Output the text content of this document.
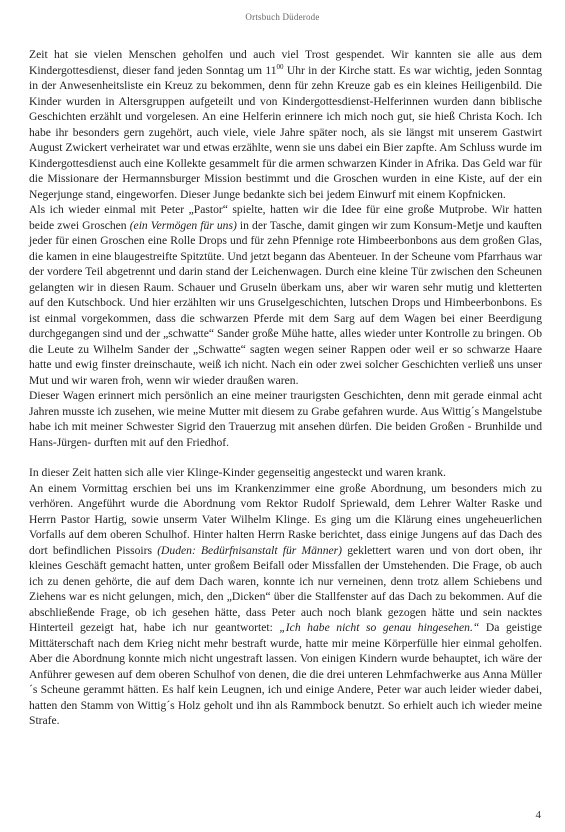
Ortsbuch Düderode

Zeit hat sie vielen Menschen geholfen und auch viel Trost gespendet. Wir kannten sie alle aus dem Kindergottesdienst, dieser fand jeden Sonntag um $11^{00}$ Uhr in der Kirche statt. Es war wichtig, jeden Sonntag in der Anwesenheitsliste ein Kreuz zu bekommen, denn für zehn Kreuze gab es ein kleines Heiligenbild. Die Kinder wurden in Altersgruppen aufgeteilt und von Kindergottesdienst-Helferinnen wurden dann biblische Geschichten erzählt und vorgelesen. An eine Helferin erinnere ich mich noch gut, sie hieß Christa Koch. Ich habe ihr besonders gern zugehört, auch viele, viele Jahre später noch, als sie längst mit unserem Gastwirt August Zwickert verheiratet war und etwas erzählte, wenn sie uns dabei ein Bier zapfte. Am Schluss wurde im Kindergottesdienst auch eine Kollekte gesammelt für die armen schwarzen Kinder in Afrika. Das Geld war für die Missionare der Hermannsburger Mission bestimmt und die Groschen wurden in eine Kiste, auf der ein Negerjunge stand, eingeworfen. Dieser Junge bedankte sich bei jedem Einwurf mit einem Kopfnicken.

Als ich wieder einmal mit Peter „Pastor“ spielte, hatten wir die Idee für eine große Mutprobe. Wir hatten beide zwei Groschen (ein Vermögen für uns) in der Tasche, damit gingen wir zum Konsum-Metje und kauften jeder für einen Groschen eine Rolle Drops und für zehn Pfennige rote Himbeerbonbons aus dem großen Glas, die kamen in eine blaugestreifte Spitztüte. Und jetzt begann das Abenteuer. In der Scheune vom Pfarrhaus war der vordere Teil abgetrennt und darin stand der Leichenwagen. Durch eine kleine Tür zwischen den Scheunen gelangten wir in diesen Raum. Schauer und Gruseln überkam uns, aber wir waren sehr mutig und kletterten auf den Kutschbock. Und hier erzählten wir uns Gruselgeschichten, lutschen Drops und Himbeerbonbons. Es ist einmal vorgekommen, dass die schwarzen Pferde mit dem Sarg auf dem Wagen bei einer Beerdigung durchgegangen sind und der „schwatte“ Sander große Mühe hatte, alles wieder unter Kontrolle zu bringen. Ob die Leute zu Wilhelm Sander der „Schwatte“ sagten wegen seiner Rappen oder weil er so schwarze Haare hatte und ewig finster dreinschaute, weiß ich nicht. Nach ein oder zwei solcher Geschichten verließ uns unser Mut und wir waren froh, wenn wir wieder draußen waren.

Dieser Wagen erinnert mich persönlich an eine meiner traurigsten Geschichten, denn mit gerade einmal acht Jahren musste ich zusehen, wie meine Mutter mit diesem zu Grabe gefahren wurde. Aus Wittig´s Mangelstube habe ich mit meiner Schwester Sigrid den Trauerzug mit ansehen dürfen. Die beiden Großen - Brunhilde und Hans-Jürgen- durften mit auf den Friedhof.

In dieser Zeit hatten sich alle vier Klinge-Kinder gegenseitig angesteckt und waren krank.

An einem Vormittag erschien bei uns im Krankenzimmer eine große Abordnung, um besonders mich zu verhören. Angeführt wurde die Abordnung vom Rektor Rudolf Spriewald, dem Lehrer Walter Raske und Herrn Pastor Hartig, sowie unserm Vater Wilhelm Klinge. Es ging um die Klärung eines ungeheuerlichen Vorfalls auf dem oberen Schulhof. Hinter halten Herrn Raske berichtet, dass einige Jungens auf das Dach des dort befindlichen Pissoirs (Duden: Bedürfnisanstalt für Männer) geklettert waren und von dort oben, ihr kleines Geschäft gemacht hatten, unter großem Beifall oder Missfallen der Umstehenden. Die Frage, ob auch ich zu denen gehörte, die auf dem Dach waren, konnte ich nur verneinen, denn trotz allem Schiebens und Ziehens war es nicht gelungen, mich, den „Dicken“ über die Stallfenster auf das Dach zu bekommen. Auf die abschließende Frage, ob ich gesehen hätte, dass Peter auch noch blank gezogen hätte und sein nacktes Hinterteil gezeigt hat, habe ich nur geantwortet: „Ich habe nicht so genau hingesehen.“ Da geistige Mittäterschaft nach dem Krieg nicht mehr bestraft wurde, hatte mir meine Körperfülle hier einmal geholfen. Aber die Abordnung konnte mich nicht ungestraft lassen. Von einigen Kindern wurde behauptet, ich wäre der Anführer gewesen auf dem oberen Schulhof von denen, die die drei unteren Lehmfachwerke aus Anna Müller´s Scheune gerammt hätten. Es half kein Leugnen, ich und einige Andere, Peter war auch leider wieder dabei, hatten den Stamm von Wittig´s Holz geholt und ihn als Rammbock benutzt. So erhielt auch ich wieder meine Strafe.

4
